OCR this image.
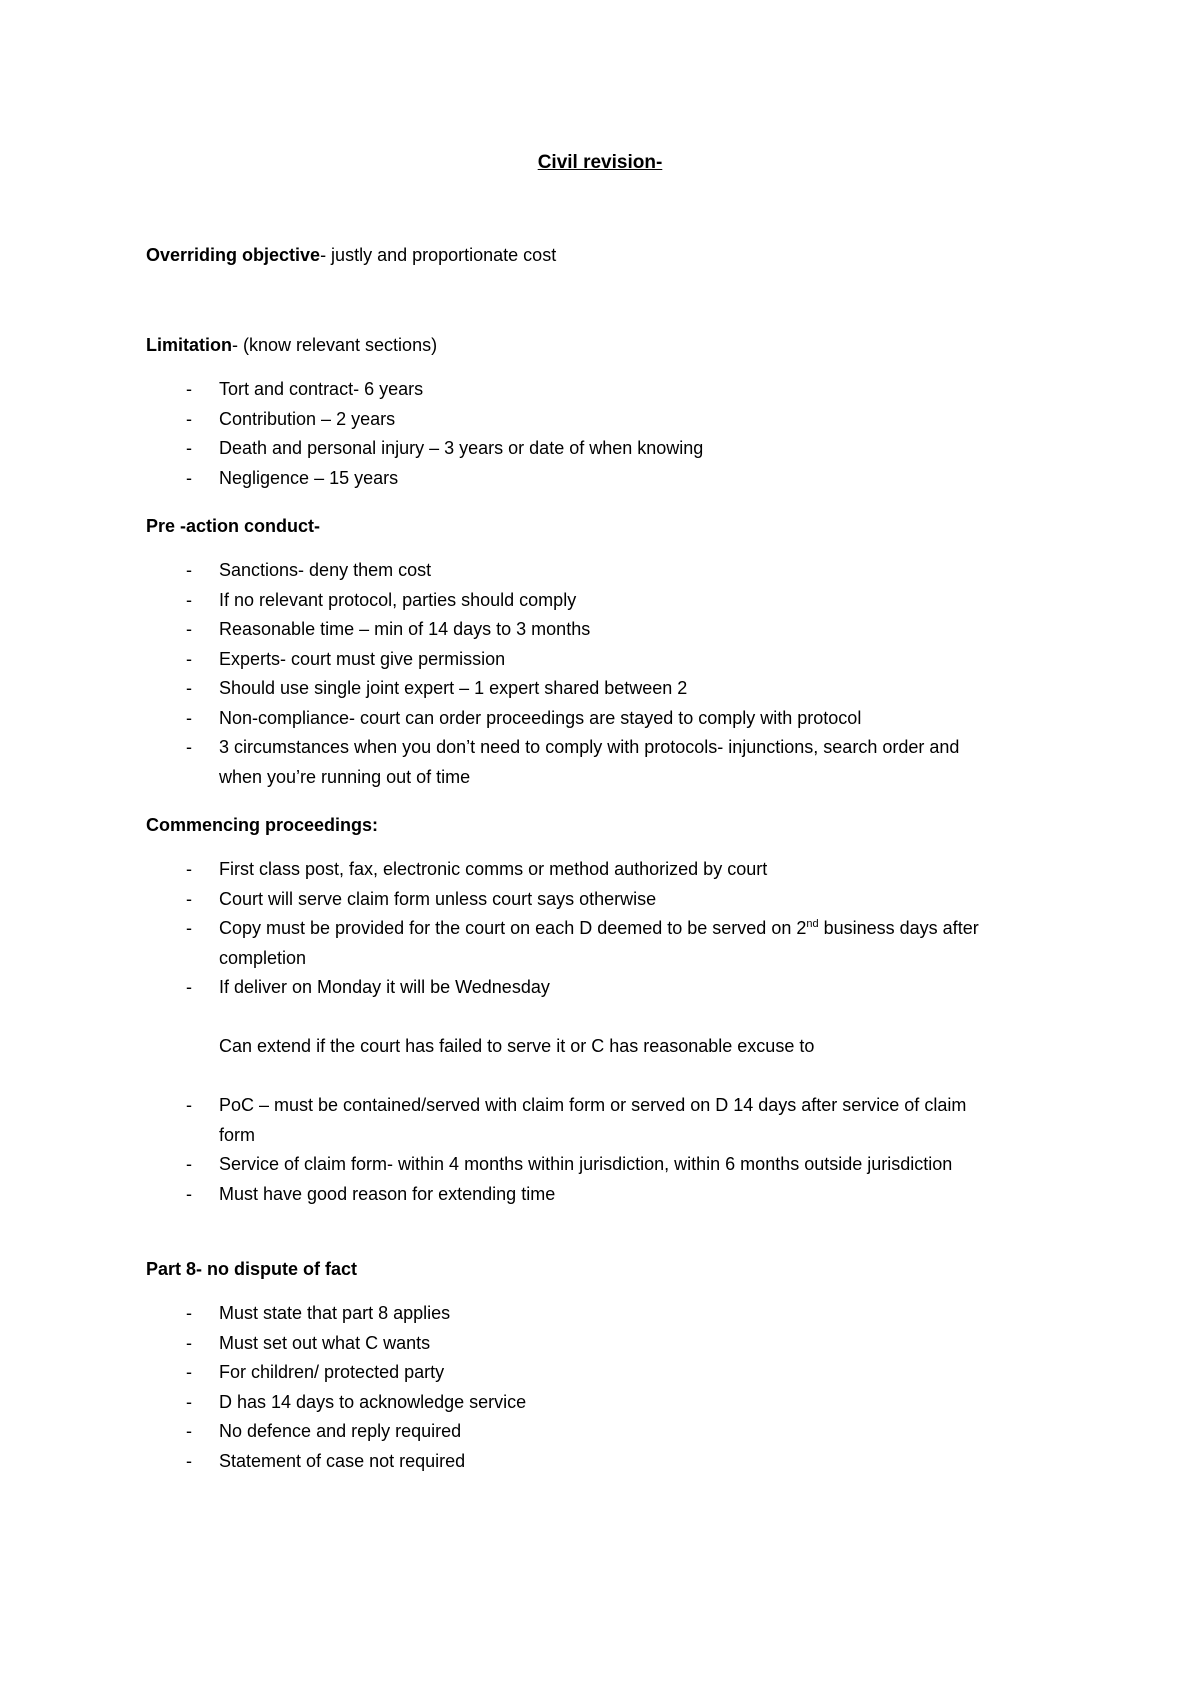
Civil revision-
Overriding objective- justly and proportionate cost
Limitation- (know relevant sections)
- Tort and contract- 6 years
- Contribution – 2 years
- Death and personal injury – 3 years or date of when knowing
- Negligence – 15 years
Pre -action conduct-
- Sanctions- deny them cost
- If no relevant protocol, parties should comply
- Reasonable time – min of 14 days to 3 months
- Experts- court must give permission
- Should use single joint expert – 1 expert shared between 2
- Non-compliance- court can order proceedings are stayed to comply with protocol
- 3 circumstances when you don’t need to comply with protocols- injunctions, search order and when you’re running out of time
Commencing proceedings:
- First class post, fax, electronic comms or method authorized by court
- Court will serve claim form unless court says otherwise
- Copy must be provided for the court on each D deemed to be served on 2nd business days after completion
- If deliver on Monday it will be Wednesday
Can extend if the court has failed to serve it or C has reasonable excuse to
- PoC – must be contained/served with claim form or served on D 14 days after service of claim form
- Service of claim form- within 4 months within jurisdiction, within 6 months outside jurisdiction
- Must have good reason for extending time
Part 8- no dispute of fact
- Must state that part 8 applies
- Must set out what C wants
- For children/ protected party
- D has 14 days to acknowledge service
- No defence and reply required
- Statement of case not required
